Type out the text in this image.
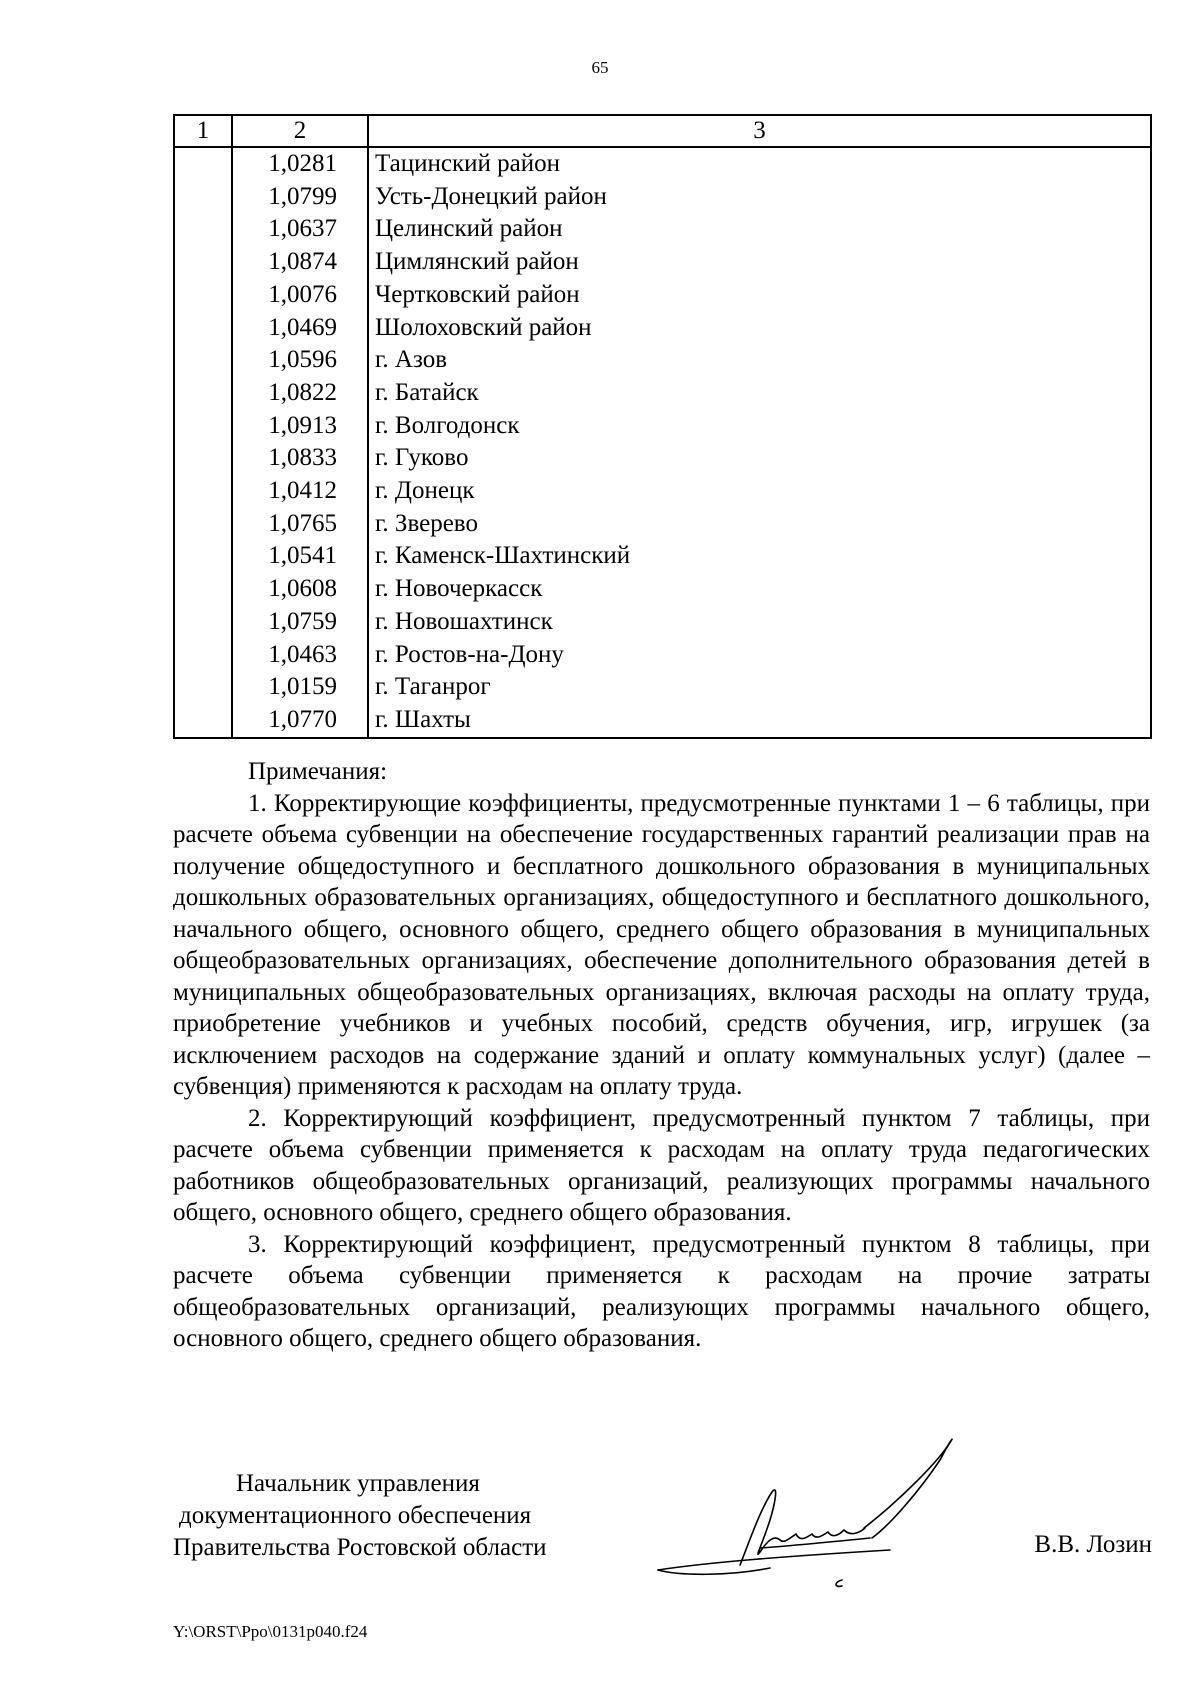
65
1	2	3
	1,0281	Тацинский район
	1,0799	Усть-Донецкий район
	1,0637	Целинский район
	1,0874	Цимлянский район
	1,0076	Чертковский район
	1,0469	Шолоховский район
	1,0596	г. Азов
	1,0822	г. Батайск
	1,0913	г. Волгодонск
	1,0833	г. Гуково
	1,0412	г. Донецк
	1,0765	г. Зверево
	1,0541	г. Каменск-Шахтинский
	1,0608	г. Новочеркасск
	1,0759	г. Новошахтинск
	1,0463	г. Ростов-на-Дону
	1,0159	г. Таганрог
	1,0770	г. Шахты
Примечания:

1. Корректирующие коэффициенты, предусмотренные пунктами 1 – 6 таблицы, при расчете объема субвенции на обеспечение государственных гарантий реализации прав на получение общедоступного и бесплатного дошкольного образования в муниципальных дошкольных образовательных организациях, общедоступного и бесплатного дошкольного, начального общего, основного общего, среднего общего образования в муниципальных общеобразовательных организациях, обеспечение дополнительного образования детей в муниципальных общеобразовательных организациях, включая расходы на оплату труда, приобретение учебников и учебных пособий, средств обучения, игр, игрушек (за исключением расходов на содержание зданий и оплату коммунальных услуг) (далее – субвенция) применяются к расходам на оплату труда.

2. Корректирующий коэффициент, предусмотренный пунктом 7 таблицы, при расчете объема субвенции применяется к расходам на оплату труда педагогических работников общеобразовательных организаций, реализующих программы начального общего, основного общего, среднего общего образования.

3. Корректирующий коэффициент, предусмотренный пунктом 8 таблицы, при расчете объема субвенции применяется к расходам на прочие затраты общеобразовательных организаций, реализующих программы начального общего, основного общего, среднего общего образования.

Начальник управления
документационного обеспечения
Правительства Ростовской области	В.В. Лозин
Y:\ORST\Ppo\0131p040.f24
